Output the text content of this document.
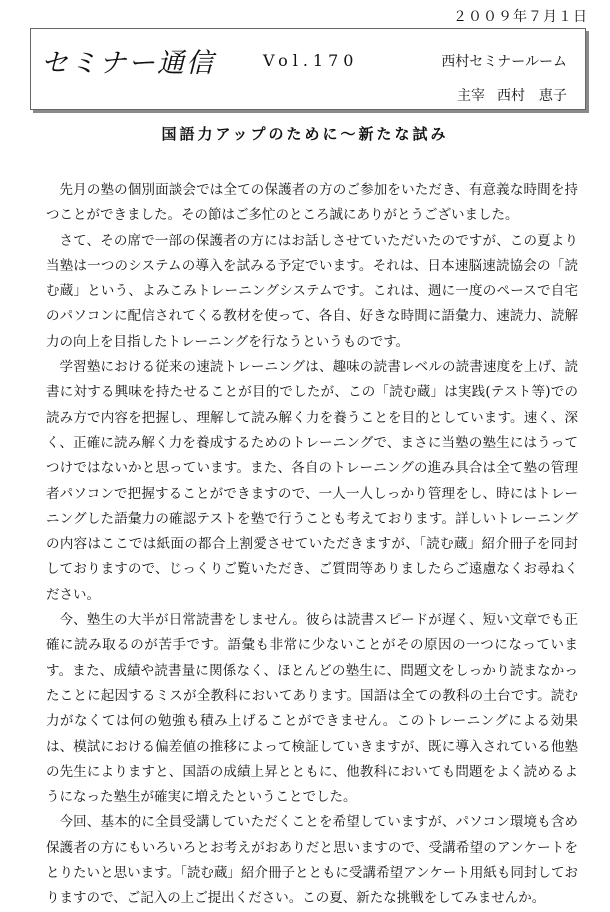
２００９年７月１日
セミナー通信	Vol.170	西村セミナールーム
主宰 西村　恵子
国語力アップのために～新たな試み

先月の塾の個別面談会では全ての保護者の方のご参加をいただき、有意義な時間を持つことができました。その節はご多忙のところ誠にありがとうございました。

さて、その席で一部の保護者の方にはお話しさせていただいたのですが、この夏より当塾は一つのシステムの導入を試みる予定でいます。それは、日本速脳速読協会の「読む蔵」という、よみこみトレーニングシステムです。これは、週に一度のペースで自宅のパソコンに配信されてくる教材を使って、各自、好きな時間に語彙力、速読力、読解力の向上を目指したトレーニングを行なうというものです。

学習塾における従来の速読トレーニングは、趣味の読書レベルの読書速度を上げ、読書に対する興味を持たせることが目的でしたが、この「読む蔵」は実践(テスト等)での読み方で内容を把握し、理解して読み解く力を養うことを目的としています。速く、深く、正確に読み解く力を養成するためのトレーニングで、まさに当塾の塾生にはうってつけではないかと思っています。また、各自のトレーニングの進み具合は全て塾の管理者パソコンで把握することができますので、一人一人しっかり管理をし、時にはトレーニングした語彙力の確認テストを塾で行うことも考えております。詳しいトレーニングの内容はここでは紙面の都合上割愛させていただきますが、「読む蔵」紹介冊子を同封しておりますので、じっくりご覧いただき、ご質問等ありましたらご遠慮なくお尋ねください。

今、塾生の大半が日常読書をしません。彼らは読書スピードが遅く、短い文章でも正確に読み取るのが苦手です。語彙も非常に少ないことがその原因の一つになっています。また、成績や読書量に関係なく、ほとんどの塾生に、問題文をしっかり読まなかったことに起因するミスが全教科においてあります。国語は全ての教科の土台です。読む力がなくては何の勉強も積み上げることができません。このトレーニングによる効果は、模試における偏差値の推移によって検証していきますが、既に導入されている他塾の先生によりますと、国語の成績上昇とともに、他教科においても問題をよく読めるようになった塾生が確実に増えたということでした。

今回、基本的に全員受講していただくことを希望していますが、パソコン環境も含め保護者の方にもいろいろとお考えがおありだと思いますので、受講希望のアンケートをとりたいと思います。「読む蔵」紹介冊子とともに受講希望アンケート用紙も同封しておりますので、ご記入の上ご提出ください。この夏、新たな挑戦をしてみませんか。
